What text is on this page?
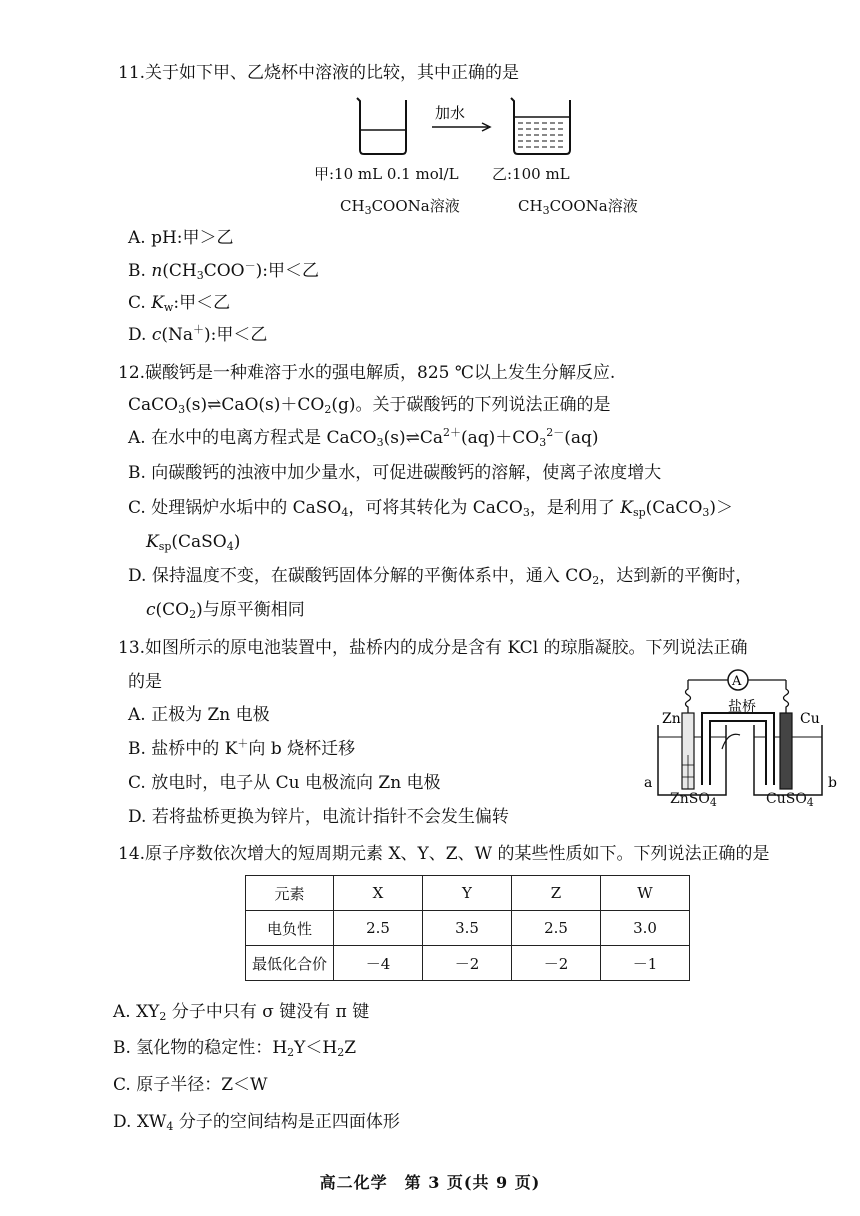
11.关于如下甲、乙烧杯中溶液的比较，其中正确的是
加水
甲:10 mL 0.1 mol/L 乙:100 mL
$CH_3COONa$溶液	$CH_3COONa$溶液
A. pH:甲＞乙
B. $n(CH_3COO^-)$:甲＜乙
C. $K_w$:甲＜乙
D. c(Na＋):甲＜乙
12.碳酸钙是一种难溶于水的强电解质，825 ℃以上发生分解反应.
$CaCO_3(s)\rightleftharpoons CaO(s)+CO_2(g)$。关于碳酸钙的下列说法正确的是
A. 在水中的电离方程式是 $CaCO_3(s)\rightleftharpoons Ca^{2+}(aq)+CO_3^{2-}(aq)$
B. 向碳酸钙的浊液中加少量水，可促进碳酸钙的溶解，使离子浓度增大
C. 处理锅炉水垢中的 CaSO$_4$，可将其转化为 CaCO$_3$，是利用了 $K_{sp}(CaCO_3)>$
$K_{sp}(CaSO_4)$
D. 保持温度不变，在碳酸钙固体分解的平衡体系中，通入 $CO_2$，达到新的平衡时，
$c(CO_2)$与原平衡相同
13.如图所示的原电池装置中，盐桥内的成分是含有 KCl 的琼脂凝胶。下列说法正确
的是
A. 正极为 Zn 电极
B. 盐桥中的 K＋向 b 烧杯迁移
C. 放电时，电子从 Cu 电极流向 Zn 电极
D. 若将盐桥更换为锌片，电流计指针不会发生偏转
A
Zn	Cu
盐桥
a	b
ZnSO$_4$	CuSO$_4$
14.原子序数依次增大的短周期元素 X、Y、Z、W 的某些性质如下。下列说法正确的是
元素	X	Y	Z	W
电负性	2.5	3.5	2.5	3.0
最低化合价	－4	－2	－2	－1
A. $XY_2$ 分子中只有 σ 键没有 π 键
B. 氢化物的稳定性：$H_2Y<H_2Z$
C. 原子半径：Z＜W
D. $XW_4$ 分子的空间结构是正四面体形
高二化学　第 3 页(共 9 页)
